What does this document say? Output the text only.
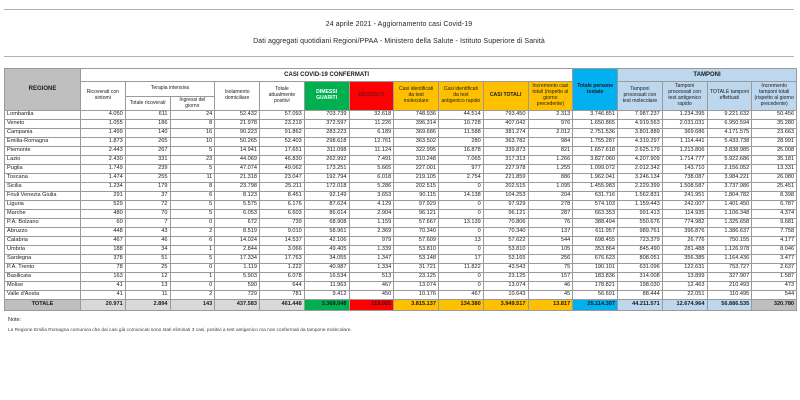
24 aprile 2021 - Aggiornamento casi Covid-19
Dati aggregati quotidiani Regioni/PPAA - Ministero della Salute - Istituto Superiore di Sanità
REGIONE	CASI COVID-19 CONFERMATI											Totale persone testate	TAMPONI			
	Ricoverati con sintomi	Terapia intensiva		Isolamento domiciliare	Totale attualmente positivi	DIMESSI GUARITI	DECEDUTI	Casi identificati da test molecolare	Casi identificati da test antigenico rapido	CASI TOTALI	Incremento casi totali (rispetto al giorno precedente)		Tamponi processati con test molecolare	Tamponi processati con test antigenico rapido	TOTALE tamponi effettuati	Incremento tamponi totali (rispetto al giorno precedente)
		Totale ricoverati	Ingressi del giorno													
Lombardia	4.050	611	24	52.432	57.093	703.739	32.618	748.936	44.514	793.450	2.313	3.746.851	7.987.237	1.234.395	9.221.632	50.456
Veneto	1.055	186	8	21.978	23.219	372.597	11.226	396.314	10.728	407.042	976	1.650.865	4.919.563	2.031.031	6.950.594	35.280
Campania	1.499	140	16	90.223	91.862	283.223	6.189	369.686	11.588	381.274	2.012	2.751.536	3.801.889	369.686	4.171.575	23.663
Emilia-Romagna	1.873	265	10	50.265	52.403	298.618	12.761	363.502	280	363.782	984	1.755.287	4.319.297	1.114.441	5.433.738	28.991
Piemonte	2.443	267	5	14.941	17.651	311.098	11.124	322.995	16.878	339.873	821	1.657.618	2.625.179	1.213.806	3.838.985	25.008
Lazio	2.430	331	23	44.069	46.830	262.992	7.491	310.248	7.065	317.313	1.266	3.827.060	4.207.909	1.714.777	5.922.686	35.181
Puglia	1.749	239	5	47.074	49.062	173.251	5.665	227.001	977	227.978	1.255	1.099.072	2.012.342	143.710	2.156.052	13.331
Toscana	1.474	255	11	21.318	23.047	192.794	6.018	219.105	2.754	221.859	886	1.962.041	3.246.134	738.087	3.984.221	26.080
Sicilia	1.234	179	8	23.798	25.211	172.018	5.286	202.515	0	202.515	1.095	1.455.983	2.229.399	1.508.587	3.737.986	25.451
Friuli Venezia Giulia	291	37	6	8.123	8.451	92.149	3.653	90.115	14.138	104.253	204	631.716	1.562.831	241.951	1.804.782	8.398
Liguria	529	72	5	5.575	6.176	87.624	4.129	97.929	0	97.929	278	574.103	1.159.443	242.007	1.401.450	6.787
Marche	480	70	5	6.053	6.603	86.614	2.904	96.121	0	96.121	287	663.353	991.413	114.935	1.106.348	4.374
P.A. Bolzano	60	7	0	672	739	68.908	1.159	57.667	13.139	70.806	76	388.494	550.676	774.982	1.325.658	9.681
Abruzzo	448	43	2	8.519	9.010	58.961	2.369	70.340	0	70.340	137	611.957	989.761	396.876	1.386.637	7.758
Calabria	467	46	6	14.024	14.537	42.106	979	57.609	13	57.622	544	698.455	723.379	26.776	750.155	4.177
Umbria	188	34	1	2.844	3.066	49.405	1.339	53.810	0	53.810	105	353.864	845.490	281.488	1.126.978	8.046
Sardegna	378	51	5	17.334	17.763	34.055	1.347	53.148	17	53.165	256	676.623	808.051	356.385	1.164.436	3.477
P.A. Trento	78	25	0	1.119	1.222	40.987	1.334	31.721	11.822	43.543	75	190.101	631.096	122.631	753.727	2.637
Basilicata	163	12	1	5.903	6.078	16.534	513	23.125	0	23.125	157	183.836	314.008	13.899	327.907	1.587
Molise	41	13	0	590	644	11.963	467	13.074	0	13.074	46	178.821	198.030	12.463	210.493	473
Valle d'Aosta	41	11	2	729	781	9.412	450	10.176	467	10.643	45	56.691	88.444	22.051	110.495	544
TOTALE	20.971	2.894	143	437.583	461.448	3.369.048	119.021	3.815.137	134.380	3.949.517	13.817	25.114.307	44.211.571	12.674.964	56.886.535	320.780
Note:
La Regione Emilia Romagna comunica che dai casi già comunicati sono stati eliminati 3 casi, positivi a test antigenico ma non confermati da tampone molecolare.
